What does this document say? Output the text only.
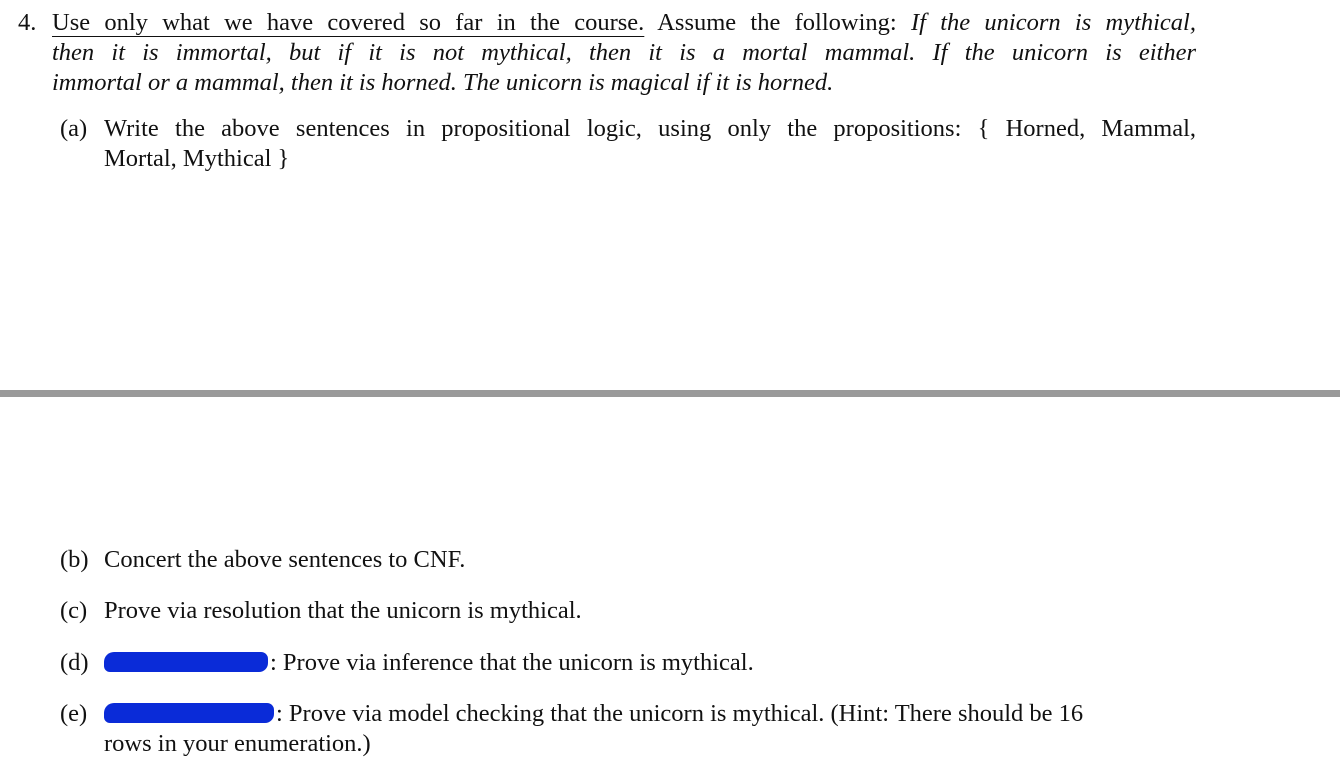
4. Use only what we have covered so far in the course. Assume the following: If the unicorn is mythical,
then it is immortal, but if it is not mythical, then it is a mortal mammal. If the unicorn is either
immortal or a mammal, then it is horned. The unicorn is magical if it is horned.
(a) Write the above sentences in propositional logic, using only the propositions: { Horned, Mammal,
Mortal, Mythical }
(b) Concert the above sentences to CNF.
(c) Prove via resolution that the unicorn is mythical.
(d)	: Prove via inference that the unicorn is mythical.
(e)	: Prove via model checking that the unicorn is mythical. (Hint: There should be 16
rows in your enumeration.)
